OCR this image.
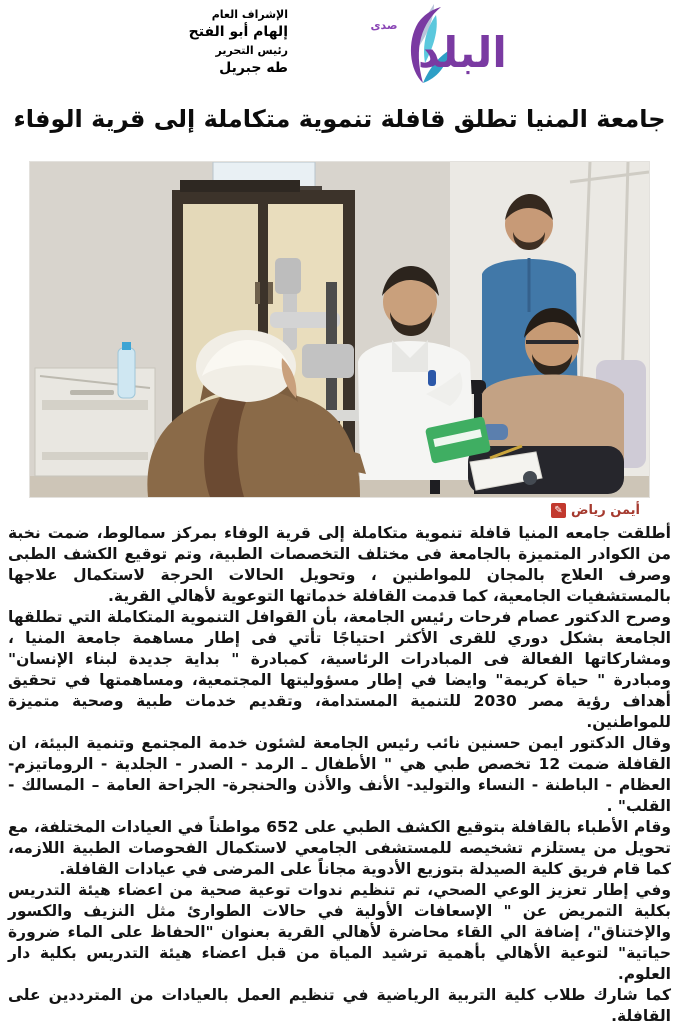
الإشراف العام
إلهام أبو الفتح
رئيس التحرير
طه جبريل	البلد
صدى
جامعة المنيا تطلق قافلة تنموية متكاملة إلى قرية الوفاء
✎ أيمن رياض

أطلقت جامعه المنيا قافلة تنموية متكاملة إلى قرية الوفاء بمركز سمالوط، ضمت نخبة من الكوادر المتميزة بالجامعة فى مختلف التخصصات الطبية، وتم توقيع الكشف الطبى وصرف العلاج بالمجان للمواطنين ، وتحويل الحالات الحرجة لاستكمال علاجها بالمستشفيات الجامعية، كما قدمت القافلة خدماتها التوعوية لأهالي القرية.

وصرح الدكتور عصام فرحات رئيس الجامعة، بأن القوافل التنموية المتكاملة التي تطلقها الجامعة بشكل دوري للقرى الأكثر احتياجًا تأتي فى إطار مساهمة جامعة المنيا ، ومشاركاتها الفعالة فى المبادرات الرئاسية، كمبادرة " بداية جديدة لبناء الإنسان" ومبادرة " حياة كريمة" وايضا في إطار مسؤوليتها المجتمعية، ومساهمتها في تحقيق أهداف رؤية مصر 2030 للتنمية المستدامة، وتقديم خدمات طبية وصحية متميزة للمواطنين.

وقال الدكتور ايمن حسنين نائب رئيس الجامعة لشئون خدمة المجتمع وتنمية البيئة، ان القافلة ضمت 12 تخصص طبي هي " الأطفال ـ الرمد - الصدر - الجلدية - الروماتيزم- العظام - الباطنة - النساء والتوليد- الأنف والأذن والحنجرة- الجراحة العامة – المسالك - القلب" .

وقام الأطباء بالقافلة بتوقيع الكشف الطبي على 652 مواطناً في العيادات المختلفة، مع تحويل من يستلزم تشخيصه للمستشفى الجامعي لاستكمال الفحوصات الطبية اللازمه، كما قام فريق كلية الصيدلة بتوزيع الأدوية مجاناً على المرضى في عيادات القافلة.

وفي إطار تعزيز الوعي الصحي، تم تنظيم ندوات توعية صحية من اعضاء هيئة التدريس بكلية التمريض عن " الإسعافات الأولية في حالات الطوارئ مثل النزيف والكسور والإختناق"، إضافة الي القاء محاضرة لأهالي القرية بعنوان "الحفاظ على الماء ضرورة حياتية" لتوعية الأهالي بأهمية ترشيد المياة من قبل اعضاء هيئة التدريس بكلية دار العلوم.

كما شارك طلاب كلية التربية الرياضية في تنظيم العمل بالعيادات من المترددين على القافلة.
